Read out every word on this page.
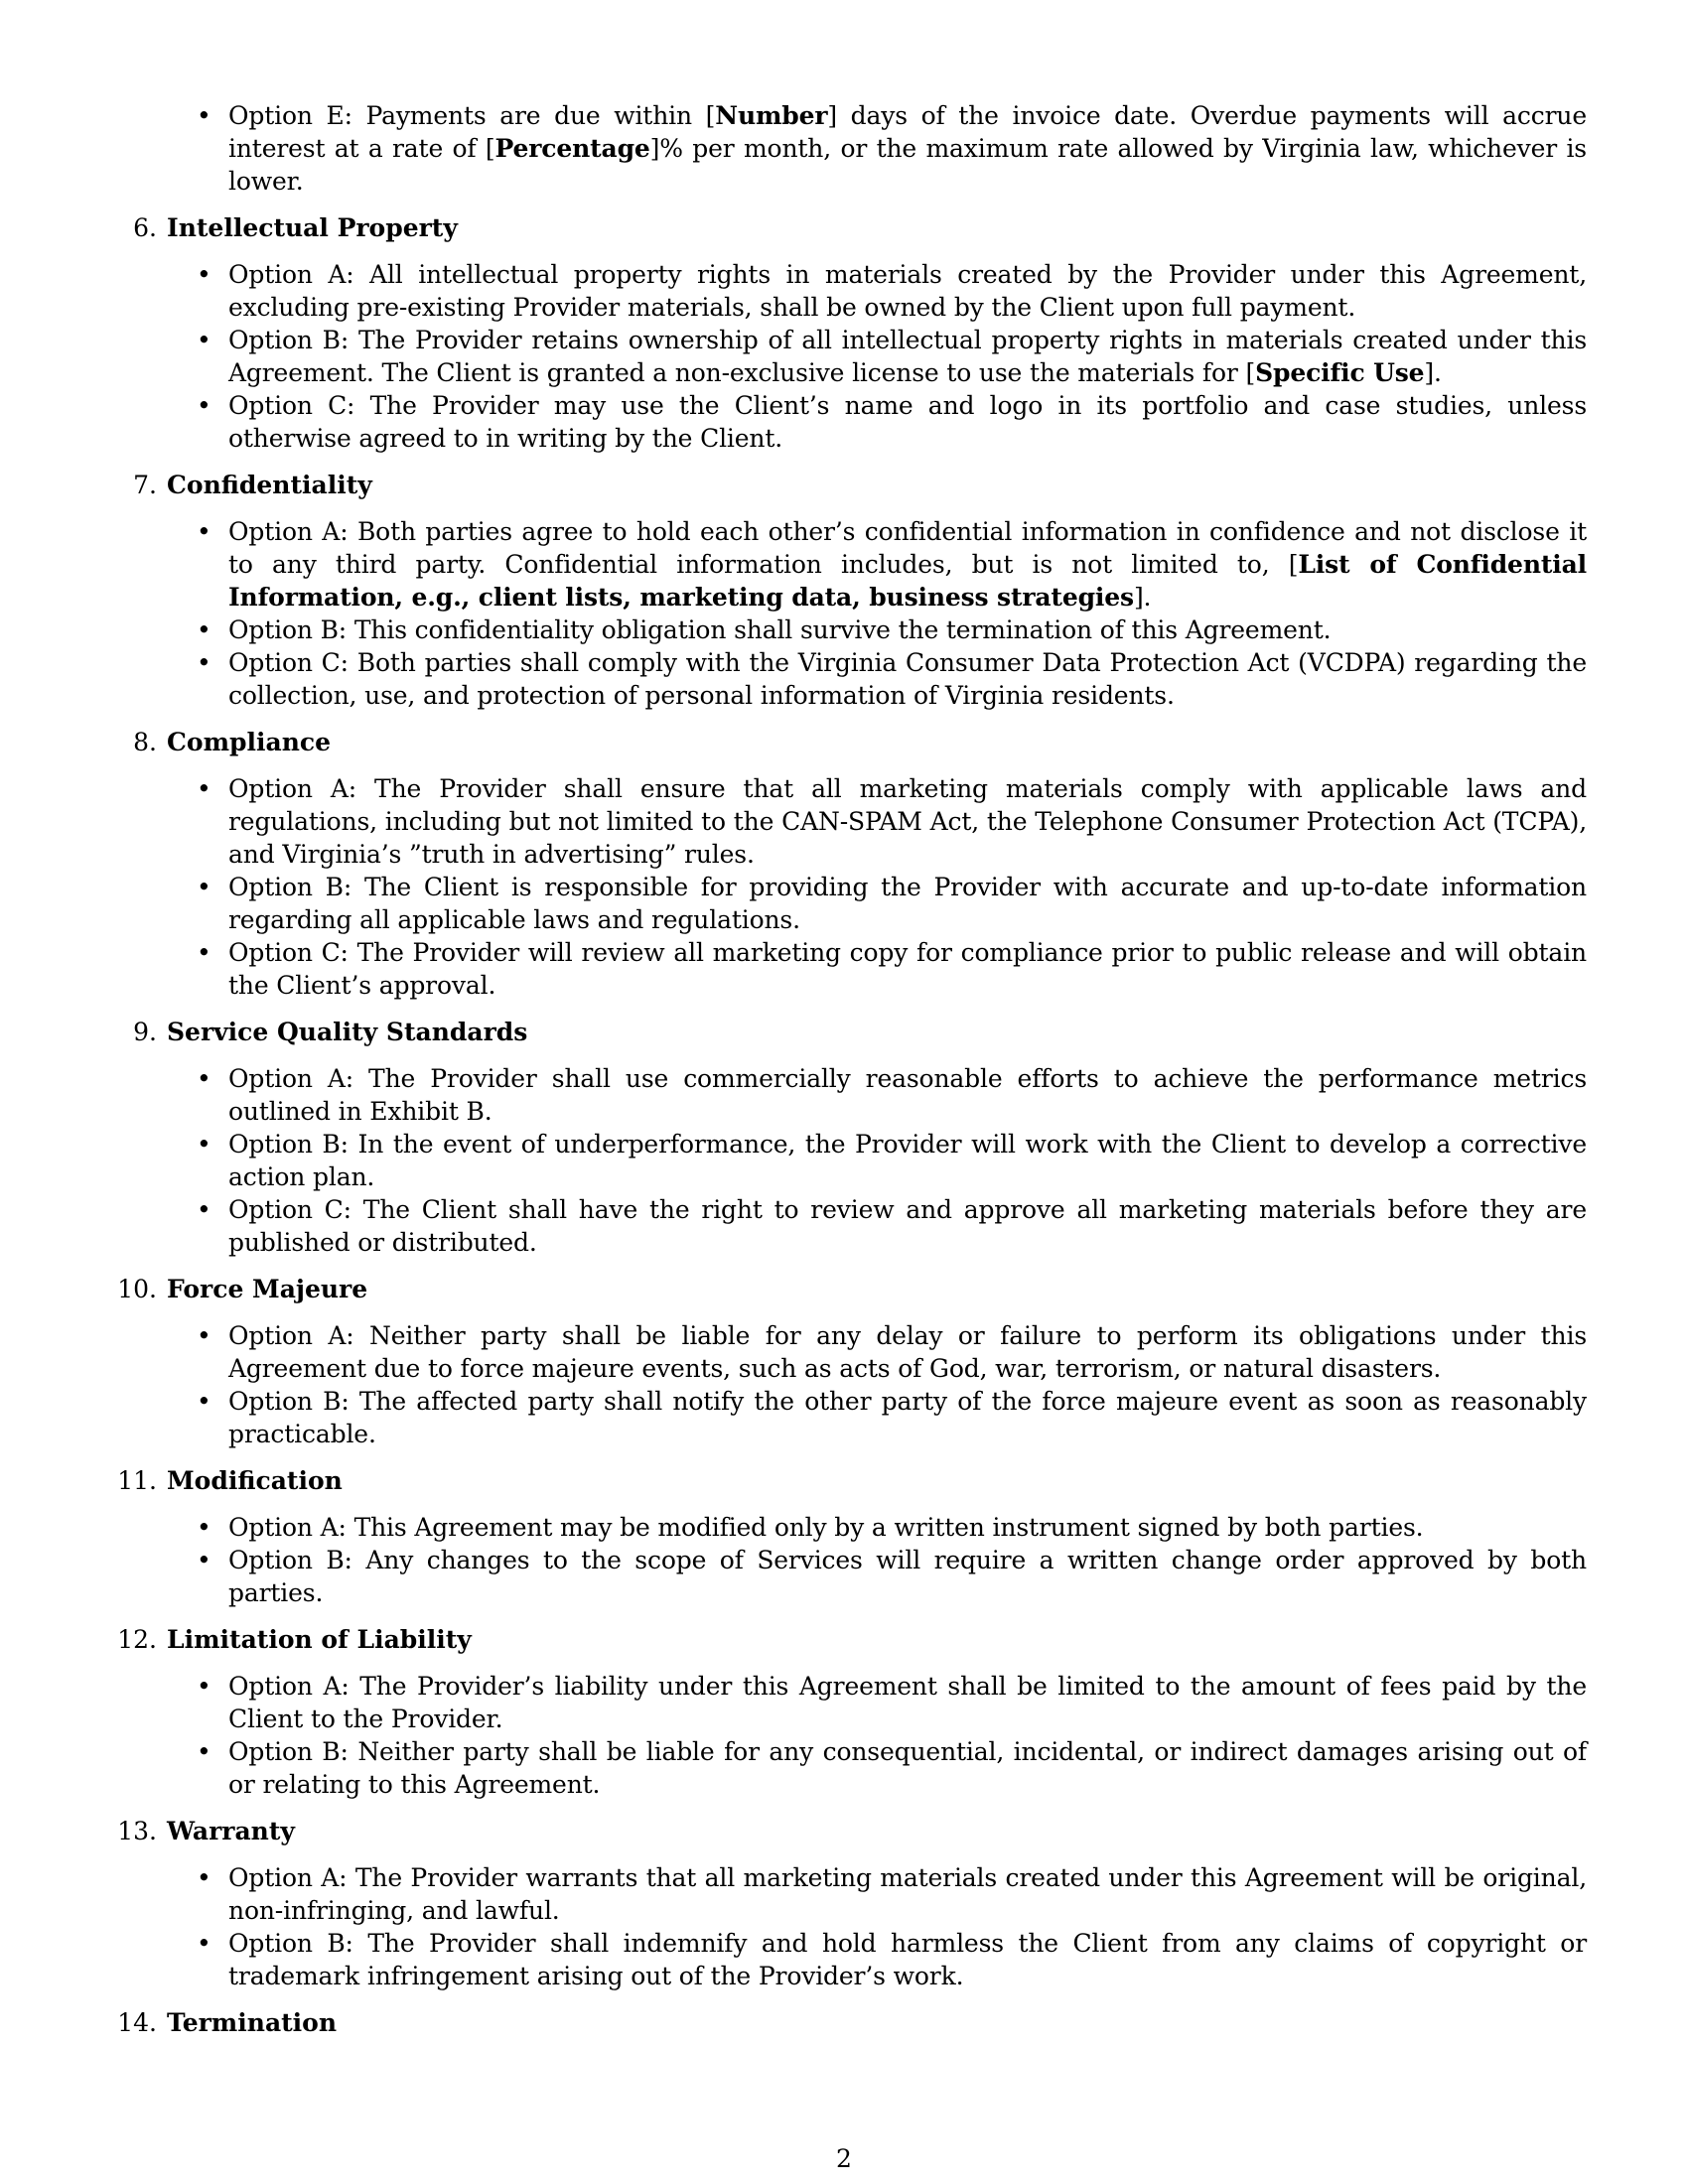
• Option E: Payments are due within [Number] days of the invoice date. Overdue payments will accrue interest at a rate of [Percentage]% per month, or the maximum rate allowed by Virginia law, whichever is lower.

6. Intellectual Property

• Option A: All intellectual property rights in materials created by the Provider under this Agreement, excluding pre-existing Provider materials, shall be owned by the Client upon full payment.

• Option B: The Provider retains ownership of all intellectual property rights in materials created under this Agreement. The Client is granted a non-exclusive license to use the materials for [Specific Use].

• Option C: The Provider may use the Client’s name and logo in its portfolio and case studies, unless otherwise agreed to in writing by the Client.

7. Confidentiality

• Option A: Both parties agree to hold each other’s confidential information in confidence and not disclose it to any third party. Confidential information includes, but is not limited to, [List of Confidential Information, e.g., client lists, marketing data, business strategies].

• Option B: This confidentiality obligation shall survive the termination of this Agreement.

• Option C: Both parties shall comply with the Virginia Consumer Data Protection Act (VCDPA) regarding the collection, use, and protection of personal information of Virginia residents.

8. Compliance

• Option A: The Provider shall ensure that all marketing materials comply with applicable laws and regulations, including but not limited to the CAN-SPAM Act, the Telephone Consumer Protection Act (TCPA), and Virginia’s ”truth in advertising” rules.

• Option B: The Client is responsible for providing the Provider with accurate and up-to-date information regarding all applicable laws and regulations.

• Option C: The Provider will review all marketing copy for compliance prior to public release and will obtain the Client’s approval.

9. Service Quality Standards

• Option A: The Provider shall use commercially reasonable efforts to achieve the performance metrics outlined in Exhibit B.

• Option B: In the event of underperformance, the Provider will work with the Client to develop a corrective action plan.

• Option C: The Client shall have the right to review and approve all marketing materials before they are published or distributed.

10. Force Majeure

• Option A: Neither party shall be liable for any delay or failure to perform its obligations under this Agreement due to force majeure events, such as acts of God, war, terrorism, or natural disasters.

• Option B: The affected party shall notify the other party of the force majeure event as soon as reasonably practicable.

11. Modification

• Option A: This Agreement may be modified only by a written instrument signed by both parties.

• Option B: Any changes to the scope of Services will require a written change order approved by both parties.

12. Limitation of Liability

• Option A: The Provider’s liability under this Agreement shall be limited to the amount of fees paid by the Client to the Provider.

• Option B: Neither party shall be liable for any consequential, incidental, or indirect damages arising out of or relating to this Agreement.

13. Warranty

• Option A: The Provider warrants that all marketing materials created under this Agreement will be original, non-infringing, and lawful.

• Option B: The Provider shall indemnify and hold harmless the Client from any claims of copyright or trademark infringement arising out of the Provider’s work.

14. Termination
2
